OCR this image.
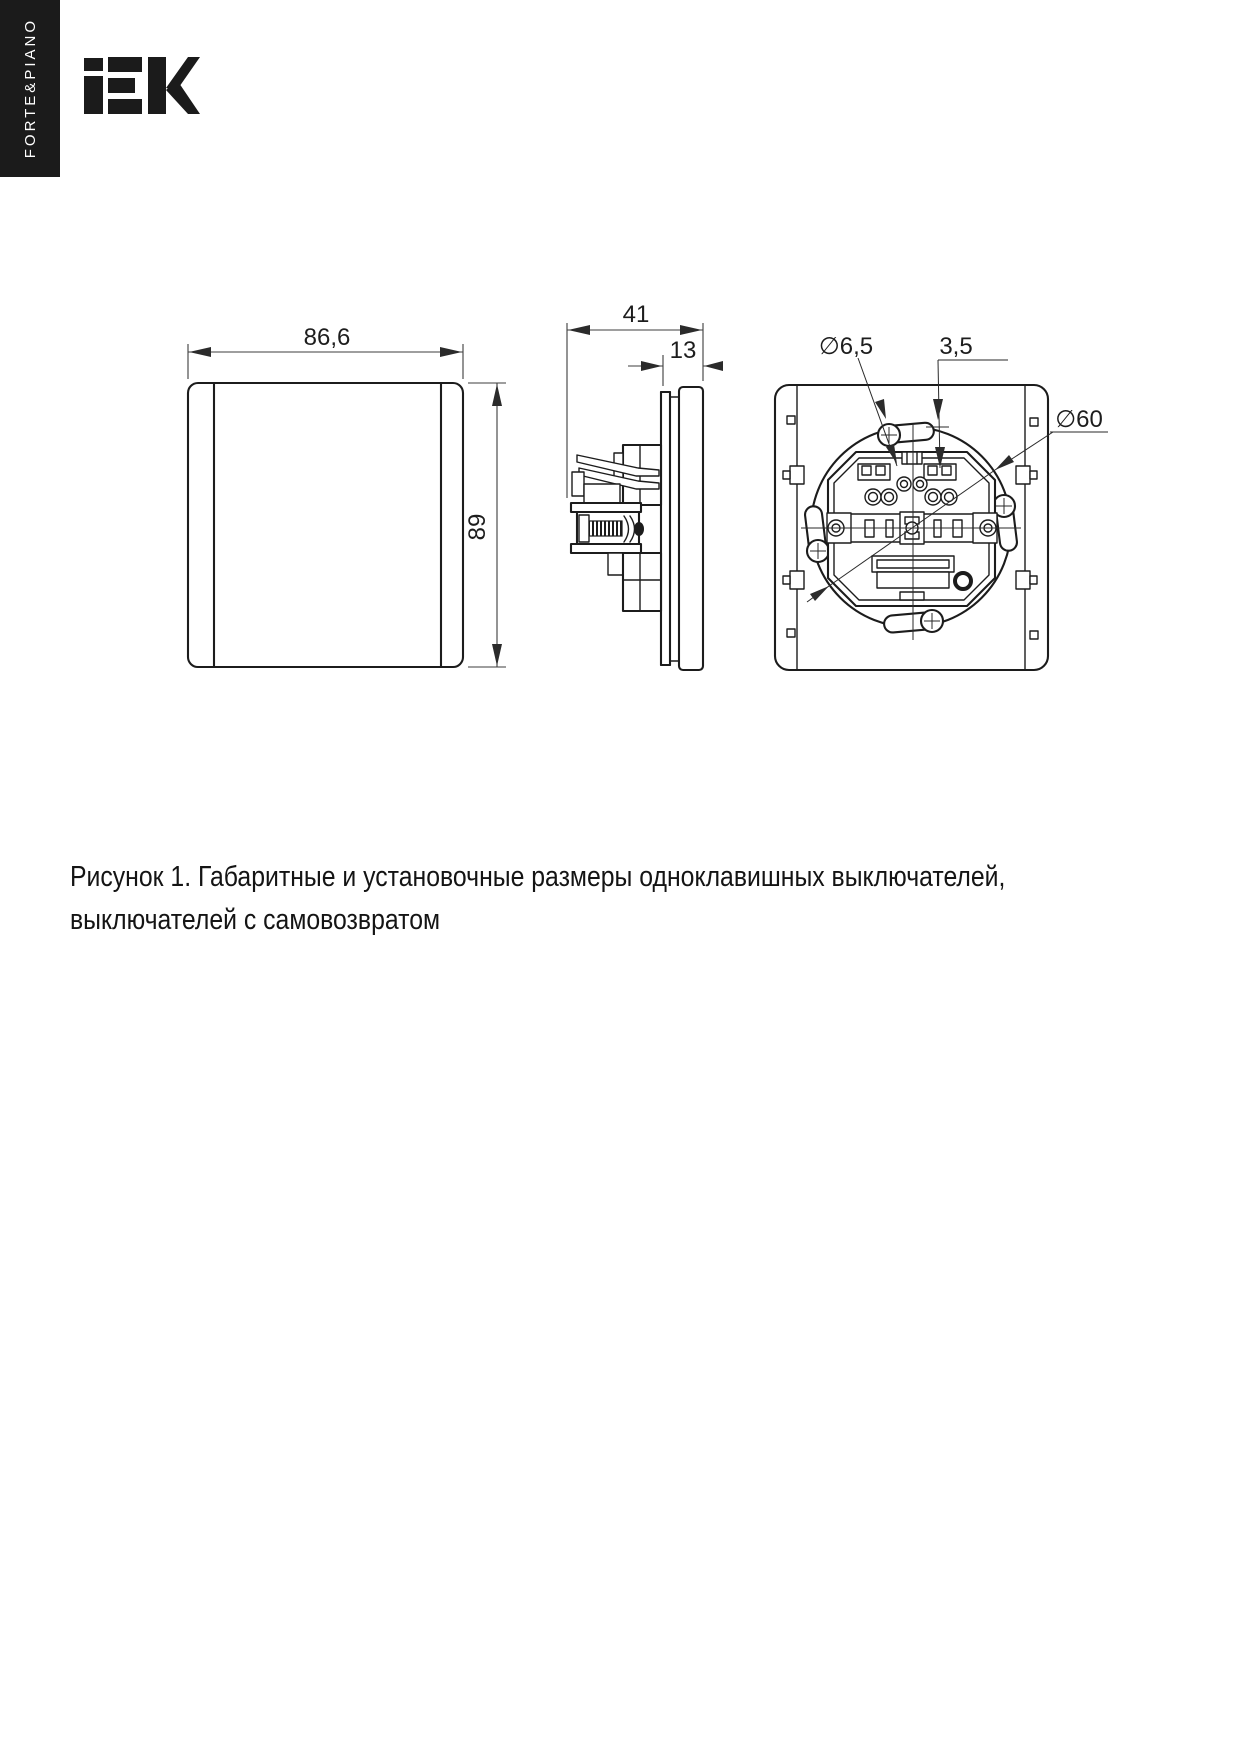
FORTE&PIANO
86,6
89
41
13	∅6,5	3,5
∅60
Рисунок 1. Габаритные и установочные размеры одноклавишных выключателей,
выключателей с самовозвратом
